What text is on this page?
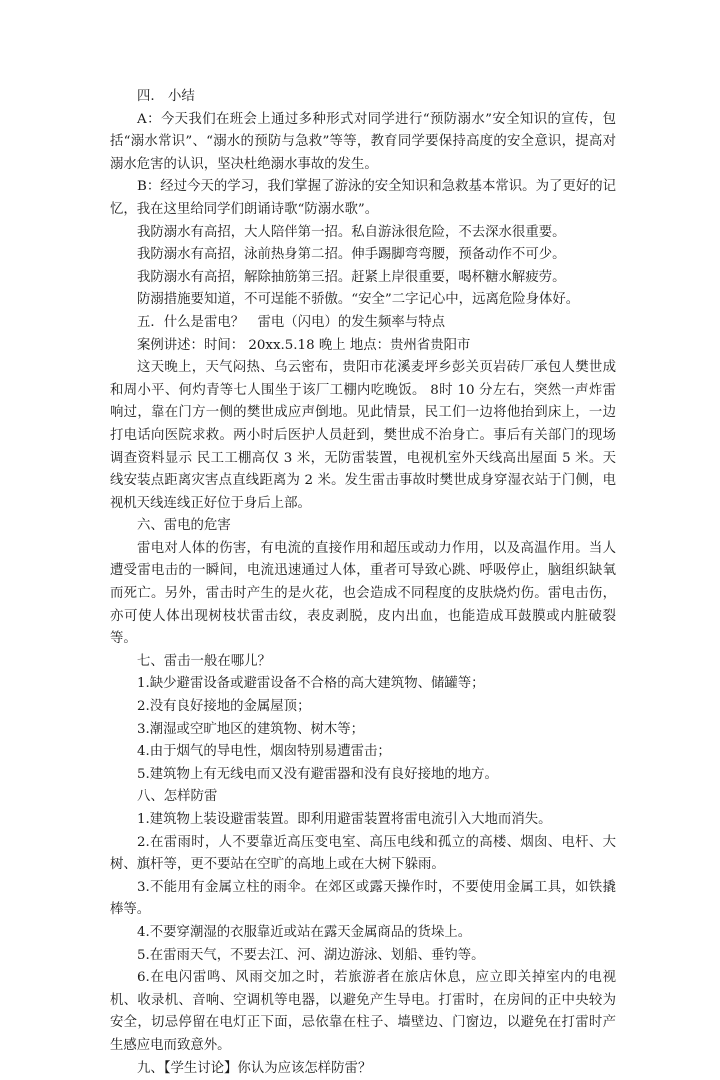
四.　小结

A：今天我们在班会上通过多种形式对同学进行“预防溺水”安全知识的宣传，包括“溺水常识”、“溺水的预防与急救”等等，教育同学要保持高度的安全意识，提高对溺水危害的认识，坚决杜绝溺水事故的发生。

B：经过今天的学习，我们掌握了游泳的安全知识和急救基本常识。为了更好的记忆，我在这里给同学们朗诵诗歌“防溺水歌”。

我防溺水有高招，大人陪伴第一招。私自游泳很危险，不去深水很重要。

我防溺水有高招，泳前热身第二招。伸手踢脚弯弯腰，预备动作不可少。

我防溺水有高招，解除抽筋第三招。赶紧上岸很重要，喝杯糖水解疲劳。

防溺措施要知道，不可逞能不骄傲。“安全”二字记心中，远离危险身体好。

五．什么是雷电？　雷电（闪电）的发生频率与特点

案例讲述：时间： 20xx.5.18 晚上 地点：贵州省贵阳市

这天晚上，天气闷热、乌云密布，贵阳市花溪麦坪乡彭关页岩砖厂承包人樊世成和周小平、何灼青等七人围坐于该厂工棚内吃晚饭。 8时 10 分左右，突然一声炸雷响过，靠在门方一侧的樊世成应声倒地。见此情景，民工们一边将他抬到床上，一边打电话向医院求救。两小时后医护人员赶到，樊世成不治身亡。事后有关部门的现场调查资料显示 民工工棚高仅 3 米，无防雷装置，电视机室外天线高出屋面 5 米。天线安装点距离灾害点直线距离为 2 米。发生雷击事故时樊世成身穿湿衣站于门侧，电视机天线连线正好位于身后上部。

六、雷电的危害

雷电对人体的伤害，有电流的直接作用和超压或动力作用，以及高温作用。当人遭受雷电击的一瞬间，电流迅速通过人体，重者可导致心跳、呼吸停止，脑组织缺氧而死亡。另外，雷击时产生的是火花，也会造成不同程度的皮肤烧灼伤。雷电击伤，亦可使人体出现树枝状雷击纹，表皮剥脱，皮内出血，也能造成耳鼓膜或内脏破裂等。

七、雷击一般在哪儿？

1.缺少避雷设备或避雷设备不合格的高大建筑物、储罐等；

2.没有良好接地的金属屋顶；

3.潮湿或空旷地区的建筑物、树木等；

4.由于烟气的导电性，烟囱特别易遭雷击；

5.建筑物上有无线电而又没有避雷器和没有良好接地的地方。

八、怎样防雷

1.建筑物上装设避雷装置。即利用避雷装置将雷电流引入大地而消失。

2.在雷雨时，人不要靠近高压变电室、高压电线和孤立的高楼、烟囱、电杆、大树、旗杆等，更不要站在空旷的高地上或在大树下躲雨。

3.不能用有金属立柱的雨伞。在郊区或露天操作时，不要使用金属工具，如铁撬棒等。

4.不要穿潮湿的衣服靠近或站在露天金属商品的货垛上。

5.在雷雨天气，不要去江、河、湖边游泳、划船、垂钓等。

6.在电闪雷鸣、风雨交加之时，若旅游者在旅店休息，应立即关掉室内的电视机、收录机、音响、空调机等电器，以避免产生导电。打雷时，在房间的正中央较为安全，切忌停留在电灯正下面，忌依靠在柱子、墙壁边、门窗边，以避免在打雷时产生感应电而致意外。

九、【学生讨论】你认为应该怎样防雷？
